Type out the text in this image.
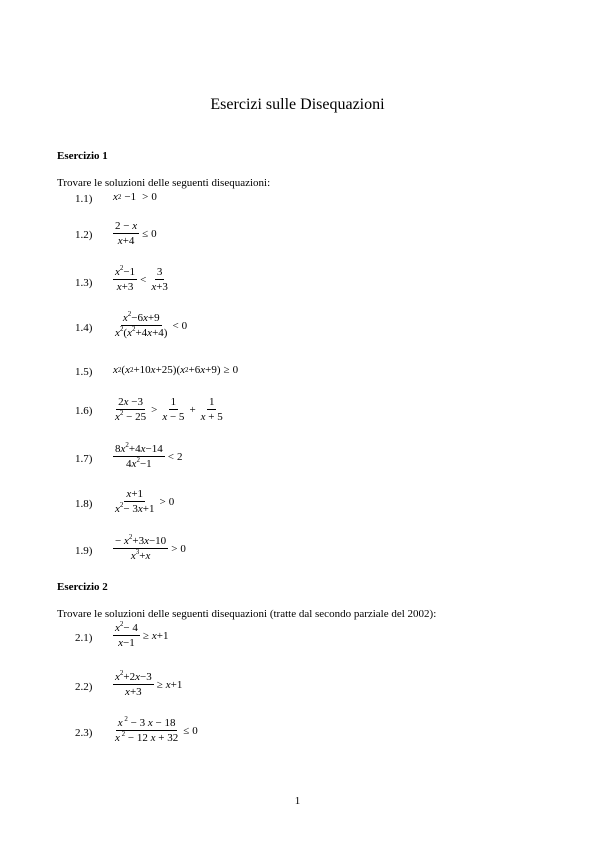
Esercizi sulle Disequazioni
Esercizio 1
Trovare le soluzioni delle seguenti disequazioni:
1.1) x 2 −1 > 0
$1.2) \frac{2 - x}{x+4} \le 0$
$1.3) \frac{x^2-1}{x+3} < \frac{3}{x+3}$
$1.4) \frac{x^2-6x+9}{x^2(x^2+4x+4)} < 0$
1.5) x 2 ( x 2 +10 x +25 ) ( x 2 +6 x +9 ) ≥ 0
$1.6) \frac{2x -3}{x^2 - 25} > \frac{1}{x - 5} + \frac{1}{x + 5}$
$1.7) \frac{8x^2+4x-14}{4x^2-1} < 2$
$1.8) \frac{x+1}{x^2- 3x+1} > 0$
$1.9) \frac{- x^2+3x-10}{x^3+x} > 0$
Esercizio 2
Trovare le soluzioni delle seguenti disequazioni (tratte dal secondo parziale del 2002):
$2.1) \frac{x^2- 4}{x-1} \ge x +1$
$2.2) \frac{x^2+2x-3}{x+3} \ge x +1$
$2.3) \frac{x ^2 - 3 x - 18}{x ^2 - 12 x + 32} \le 0$
1
